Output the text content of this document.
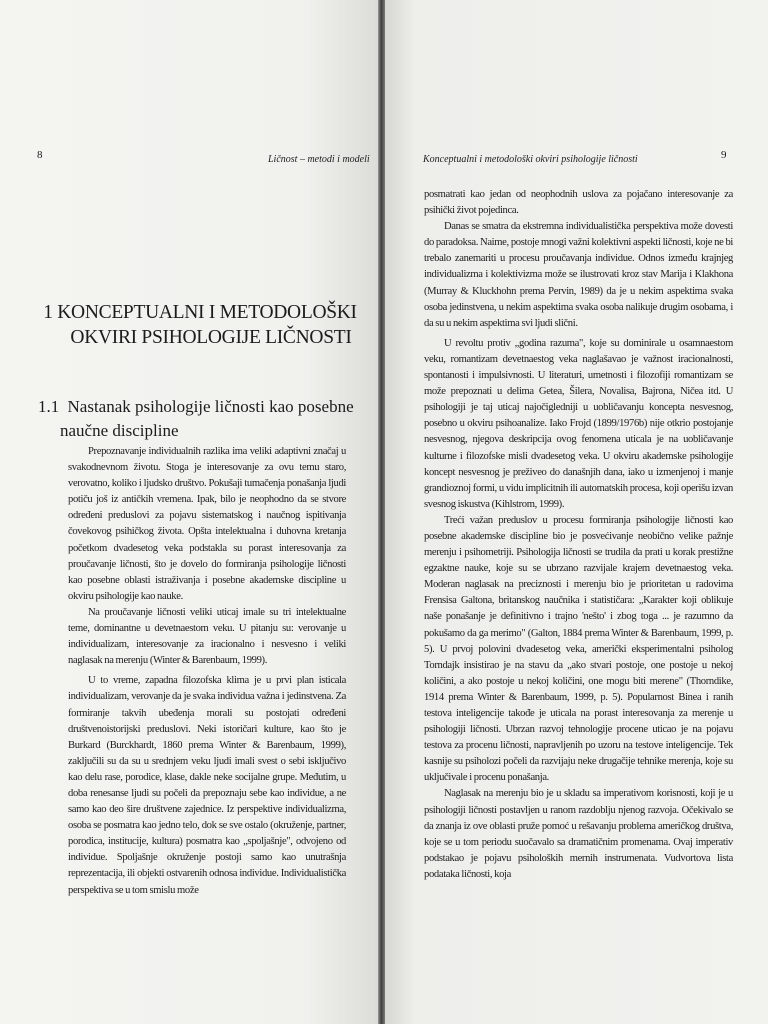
8	Ličnost – metodi i modeli
1 KONCEPTUALNI I METODOLOŠKI
OKVIRI PSIHOLOGIJE LIČNOSTI
1.1 Nastanak psihologije ličnosti kao posebne
naučne discipline

Prepoznavanje individualnih razlika ima veliki adaptivni značaj u svakodnevnom životu. Stoga je interesovanje za ovu temu staro, verovatno, koliko i ljudsko društvo. Pokušaji tumačenja ponašanja ljudi potiču još iz antičkih vremena. Ipak, bilo je neophodno da se stvore određeni preduslovi za pojavu sistematskog i naučnog ispitivanja čovekovog psihičkog života. Opšta intelektualna i duhovna kretanja početkom dvadesetog veka podstakla su porast interesovanja za proučavanje ličnosti, što je dovelo do formiranja psihologije ličnosti kao posebne oblasti istraživanja i posebne akademske discipline u okviru psihologije kao nauke.

Na proučavanje ličnosti veliki uticaj imale su tri intelektualne teme, dominantne u devetnaestom veku. U pitanju su: verovanje u individualizam, interesovanje za iracionalno i nesvesno i veliki naglasak na merenju (Winter & Barenbaum, 1999).

U to vreme, zapadna filozofska klima je u prvi plan isticala individualizam, verovanje da je svaka individua važna i jedinstvena. Za formiranje takvih ubeđenja morali su postojati određeni društvenoistorijski preduslovi. Neki istoričari kulture, kao što je Burkard (Burckhardt, 1860 prema Winter & Barenbaum, 1999), zaključili su da su u srednjem veku ljudi imali svest o sebi isključivo kao delu rase, porodice, klase, dakle neke socijalne grupe. Međutim, u doba renesanse ljudi su počeli da prepoznaju sebe kao individue, a ne samo kao deo šire društvene zajednice. Iz perspektive individualizma, osoba se posmatra kao jedno telo, dok se sve ostalo (okruženje, partner, porodica, institucije, kultura) posmatra kao „spoljašnje", odvojeno od individue. Spoljašnje okruženje postoji samo kao unutrašnja reprezentacija, ili objekti ostvarenih odnosa individue. Individualistička perspektiva se u tom smislu može

Konceptualni i metodološki okviri psihologije ličnosti	9

posmatrati kao jedan od neophodnih uslova za pojačano interesovanje za psihički život pojedinca.

Danas se smatra da ekstremna individualistička perspektiva može dovesti do paradoksa. Naime, postoje mnogi važni kolektivni aspekti ličnosti, koje ne bi trebalo zanemariti u procesu proučavanja individue. Odnos između krajnjeg individualizma i kolektivizma može se ilustrovati kroz stav Marija i Klakhona (Murray & Kluckhohn prema Pervin, 1989) da je u nekim aspektima svaka osoba jedinstvena, u nekim aspektima svaka osoba nalikuje drugim osobama, i da su u nekim aspektima svi ljudi slični.

U revoltu protiv „godina razuma", koje su dominirale u osamnaestom veku, romantizam devetnaestog veka naglašavao je važnost iracionalnosti, spontanosti i impulsivnosti. U literaturi, umetnosti i filozofiji romantizam se može prepoznati u delima Getea, Šilera, Novalisa, Bajrona, Ničea itd. U psihologiji je taj uticaj najočigledniji u uobličavanju koncepta nesvesnog, posebno u okviru psihoanalize. Iako Frojd (1899/1976b) nije otkrio postojanje nesvesnog, njegova deskripcija ovog fenomena uticala je na uobličavanje kulturne i filozofske misli dvadesetog veka. U okviru akademske psihologije koncept nesvesnog je preživeo do današnjih dana, iako u izmenjenoj i manje grandioznoj formi, u vidu implicitnih ili automatskih procesa, koji operišu izvan svesnog iskustva (Kihlstrom, 1999).

Treći važan preduslov u procesu formiranja psihologije ličnosti kao posebne akademske discipline bio je posvećivanje neobično velike pažnje merenju i psihometriji. Psihologija ličnosti se trudila da prati u korak prestižne egzaktne nauke, koje su se ubrzano razvijale krajem devetnaestog veka. Moderan naglasak na preciznosti i merenju bio je prioritetan u radovima Frensisa Galtona, britanskog naučnika i statističara: „Karakter koji oblikuje naše ponašanje je definitivno i trajno 'nešto' i zbog toga ... je razumno da pokušamo da ga merimo" (Galton, 1884 prema Winter & Barenbaum, 1999, p. 5). U prvoj polovini dvadesetog veka, američki eksperimentalni psiholog Torndajk insistirao je na stavu da „ako stvari postoje, one postoje u nekoj količini, a ako postoje u nekoj količini, one mogu biti merene" (Thorndike, 1914 prema Winter & Barenbaum, 1999, p. 5). Popularnost Bineа i ranih testova inteligencije takođe je uticala na porast interesovanja za merenje u psihologiji ličnosti. Ubrzan razvoj tehnologije procene uticao je na pojavu testova za procenu ličnosti, napravljenih po uzoru na testove inteligencije. Tek kasnije su psiholozi počeli da razvijaju neke drugačije tehnike merenja, koje su uključivale i procenu ponašanja.

Naglasak na merenju bio je u skladu sa imperativom korisnosti, koji je u psihologiji ličnosti postavljen u ranom razdoblju njenog razvoja. Očekivalo se da znanja iz ove oblasti pruže pomoć u rešavanju problema američkog društva, koje se u tom periodu suočavalo sa dramatičnim promenama. Ovaj imperativ podstakao je pojavu psiholoških mernih instrumenata. Vudvortova lista podataka ličnosti, koja
